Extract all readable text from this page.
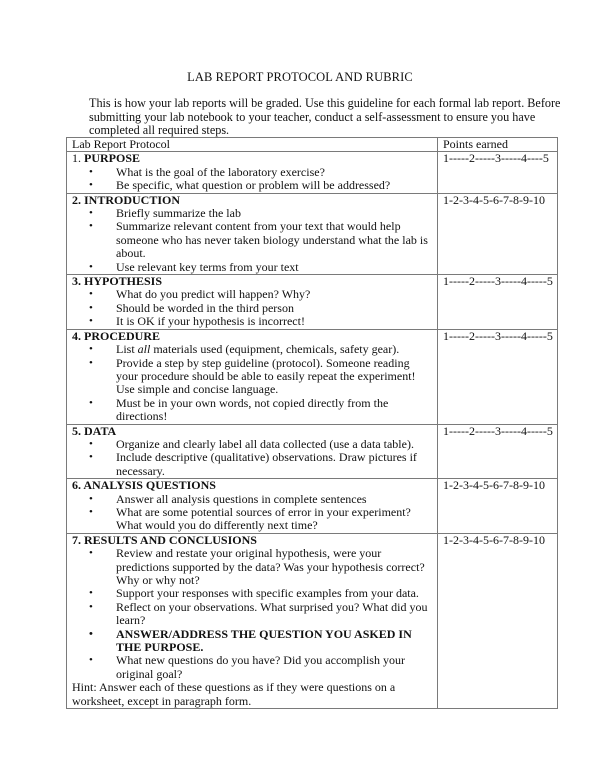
LAB REPORT PROTOCOL AND RUBRIC
This is how your lab reports will be graded. Use this guideline for each formal lab report. Before submitting your lab notebook to your teacher, conduct a self-assessment to ensure you have completed all required steps.
Lab Report Protocol	Points earned

1. PURPOSE
• What is the goal of the laboratory exercise?
• Be specific, what question or problem will be addressed?
	1-----2-----3-----4----5

2. INTRODUCTION
• Briefly summarize the lab
• Summarize relevant content from your text that would help someone who has never taken biology understand what the lab is about.
• Use relevant key terms from your text
	1-2-3-4-5-6-7-8-9-10

3. HYPOTHESIS
• What do you predict will happen? Why?
• Should be worded in the third person
• It is OK if your hypothesis is incorrect!
	1-----2-----3-----4-----5

4. PROCEDURE
• List all materials used (equipment, chemicals, safety gear).
• Provide a step by step guideline (protocol). Someone reading your procedure should be able to easily repeat the experiment! Use simple and concise language.
• Must be in your own words, not copied directly from the directions!
	1-----2-----3-----4-----5

5. DATA
• Organize and clearly label all data collected (use a data table).
• Include descriptive (qualitative) observations. Draw pictures if necessary.
	1-----2-----3-----4-----5

6. ANALYSIS QUESTIONS
• Answer all analysis questions in complete sentences
• What are some potential sources of error in your experiment? What would you do differently next time?
	1-2-3-4-5-6-7-8-9-10

7. RESULTS AND CONCLUSIONS
• Review and restate your original hypothesis, were your predictions supported by the data? Was your hypothesis correct? Why or why not?
• Support your responses with specific examples from your data.
• Reflect on your observations. What surprised you? What did you learn?
• ANSWER/ADDRESS THE QUESTION YOU ASKED IN THE PURPOSE.
• What new questions do you have? Did you accomplish your original goal?
Hint: Answer each of these questions as if they were questions on a worksheet, except in paragraph form.
	1-2-3-4-5-6-7-8-9-10
